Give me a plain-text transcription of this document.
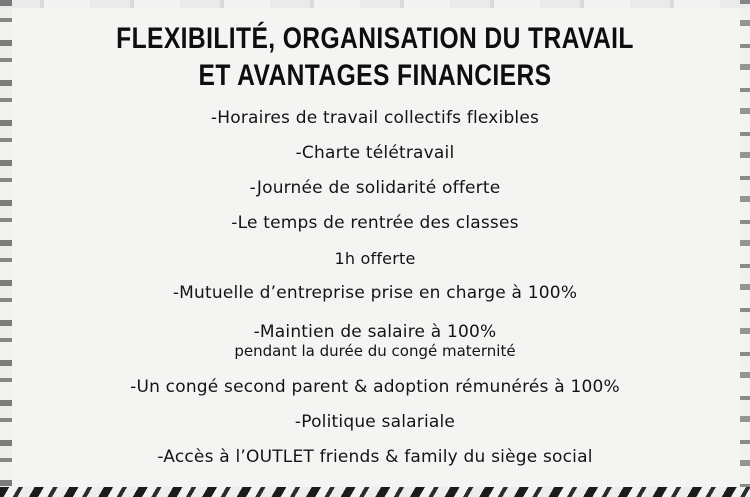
FLEXIBILITÉ, ORGANISATION DU TRAVAIL
ET AVANTAGES FINANCIERS
-Horaires de travail collectifs flexibles
-Charte télétravail
-Journée de solidarité offerte
-Le temps de rentrée des classes
1h offerte
-Mutuelle d’entreprise prise en charge à 100%
-Maintien de salaire à 100%
pendant la durée du congé maternité
-Un congé second parent & adoption rémunérés à 100%
-Politique salariale
-Accès à l’OUTLET friends & family du siège social
